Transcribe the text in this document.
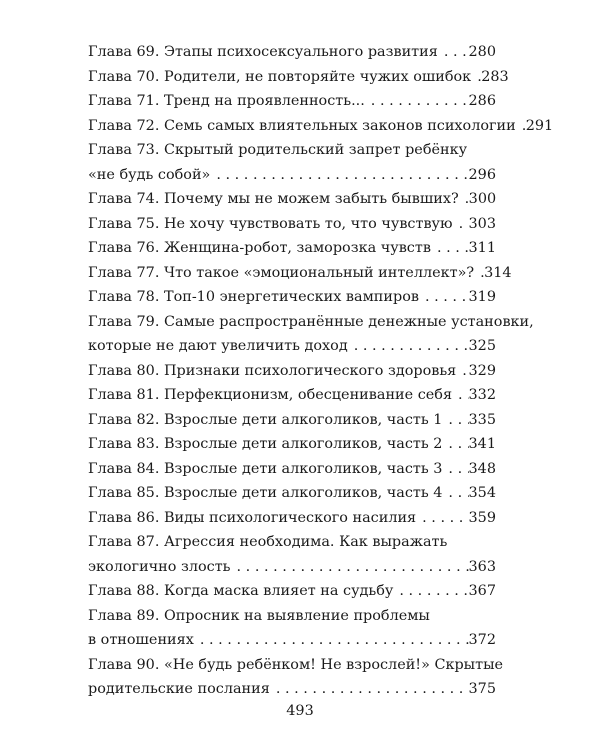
Глава 69. Этапы психосексуального развития . . . 280
Глава 70. Родители, не повторяйте чужих ошибок . . . 283
Глава 71. Тренд на проявленность... . . .	286
Глава 72. Семь самых влиятельных законов психологии . . . 291
Глава 73. Скрытый родительский запрет ребёнку
«не будь собой» . . .	296
Глава 74. Почему мы не можем забыть бывших? . . . 300
Глава 75. Не хочу чувствовать то, что чувствую . . . 303
Глава 76. Женщина-робот, заморозка чувств . . .	311
Глава 77. Что такое «эмоциональный интеллект»? . . . 314
Глава 78. Топ-10 энергетических вампиров . . .	319
Глава 79. Самые распространённые денежные установки,
которые не дают увеличить доход . . .	325
Глава 80. Признаки психологического здоровья . . . 329
Глава 81. Перфекционизм, обесценивание себя . . . 332
Глава 82. Взрослые дети алкоголиков, часть 1 . . . 335
Глава 83. Взрослые дети алкоголиков, часть 2 . . . 341
Глава 84. Взрослые дети алкоголиков, часть 3 . . . 348
Глава 85. Взрослые дети алкоголиков, часть 4 . . . 354
Глава 86. Виды психологического насилия . . .	359
Глава 87. Агрессия необходима. Как выражать
экологично злость . . .	363
Глава 88. Когда маска влияет на судьбу . . .	367
Глава 89. Опросник на выявление проблемы
в отношениях . . .	372
Глава 90. «Не будь ребёнком! Не взрослей!» Скрытые
родительские послания . . .	375
493
